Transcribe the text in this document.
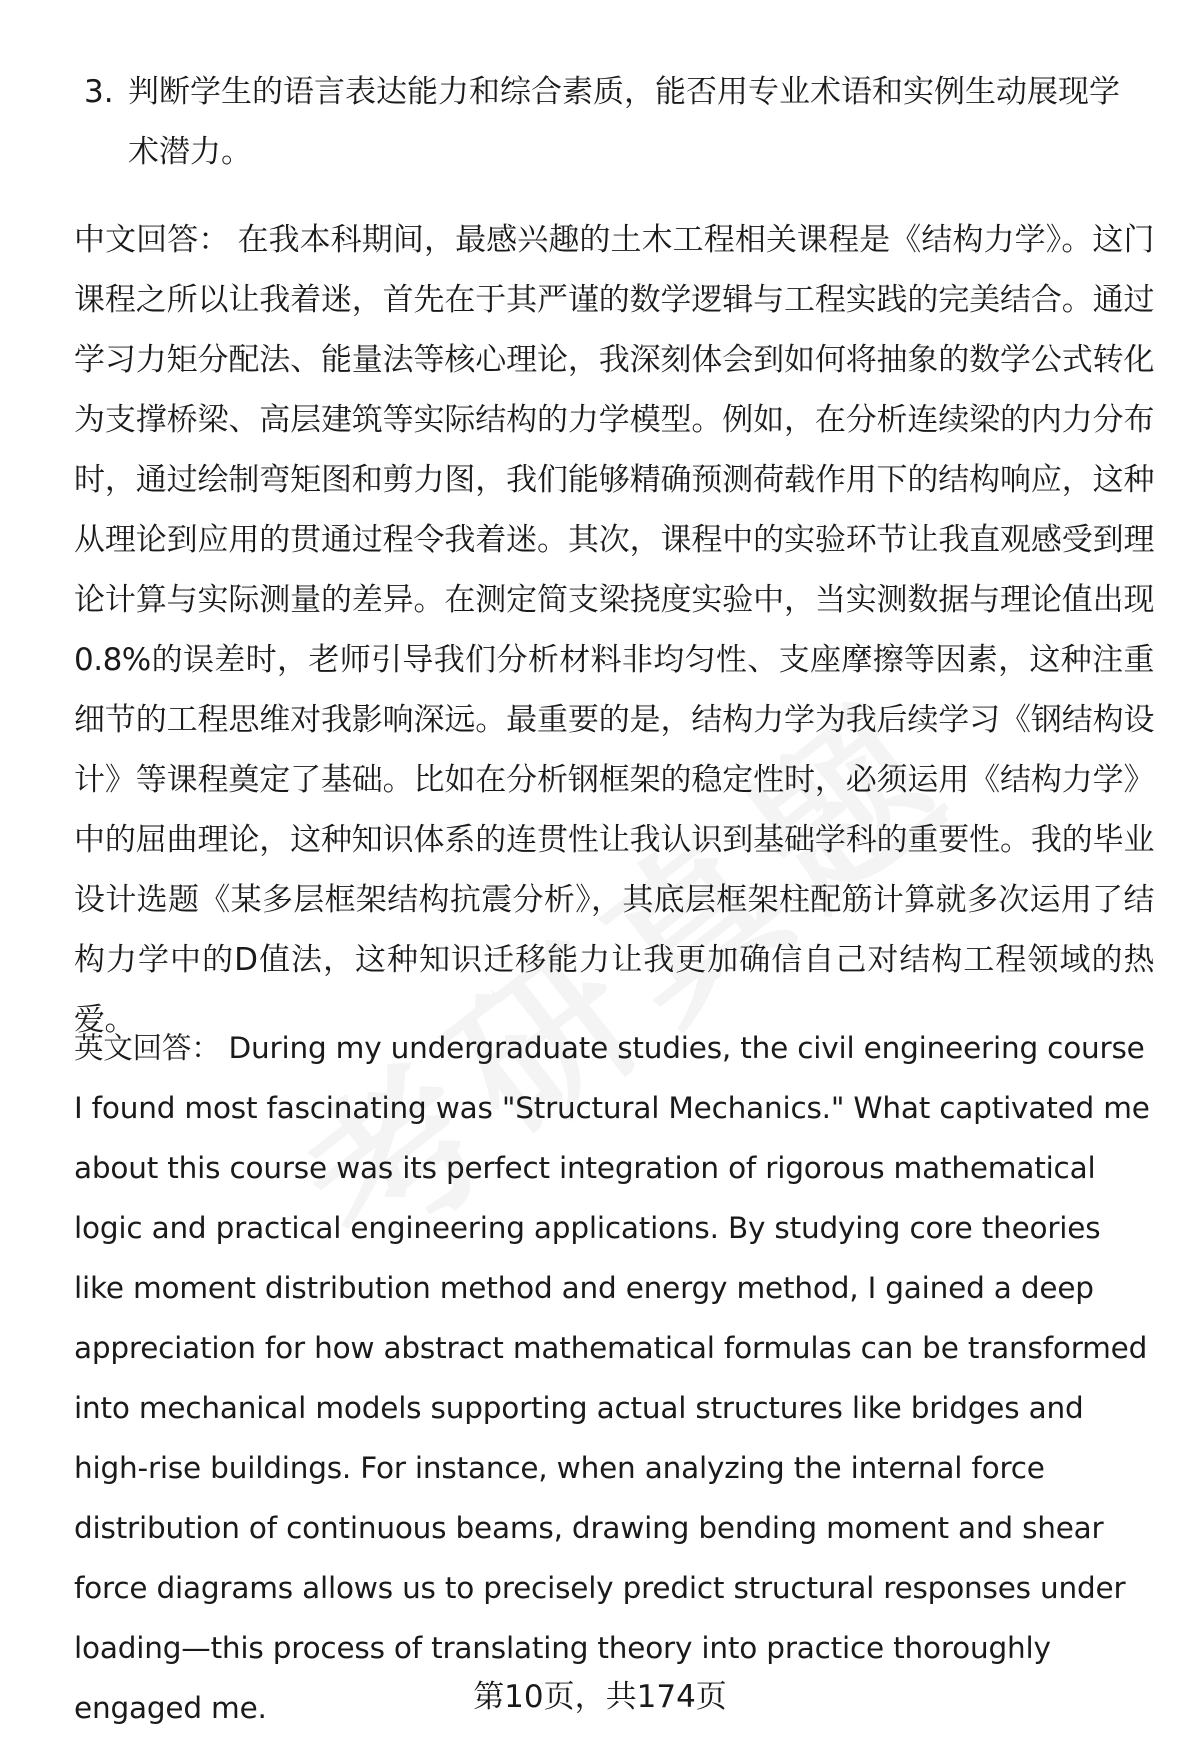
3. 判断学生的语言表达能力和综合素质，能否用专业术语和实例生动展现学术潜力。

中文回答： 在我本科期间，最感兴趣的土木工程相关课程是《结构力学》。这门课程之所以让我着迷，首先在于其严谨的数学逻辑与工程实践的完美结合。通过学习力矩分配法、能量法等核心理论，我深刻体会到如何将抽象的数学公式转化为支撑桥梁、高层建筑等实际结构的力学模型。例如，在分析连续梁的内力分布时，通过绘制弯矩图和剪力图，我们能够精确预测荷载作用下的结构响应，这种从理论到应用的贯通过程令我着迷。其次，课程中的实验环节让我直观感受到理论计算与实际测量的差异。在测定简支梁挠度实验中，当实测数据与理论值出现0.8%的误差时，老师引导我们分析材料非均匀性、支座摩擦等因素，这种注重细节的工程思维对我影响深远。最重要的是，结构力学为我后续学习《钢结构设计》等课程奠定了基础。比如在分析钢框架的稳定性时，必须运用《结构力学》中的屈曲理论，这种知识体系的连贯性让我认识到基础学科的重要性。我的毕业设计选题《某多层框架结构抗震分析》，其底层框架柱配筋计算就多次运用了结构力学中的D值法，这种知识迁移能力让我更加确信自己对结构工程领域的热爱。

英文回答： During my undergraduate studies, the civil engineering course I found most fascinating was "Structural Mechanics." What captivated me about this course was its perfect integration of rigorous mathematical logic and practical engineering applications. By studying core theories like moment distribution method and energy method, I gained a deep appreciation for how abstract mathematical formulas can be transformed into mechanical models supporting actual structures like bridges and high-rise buildings. For instance, when analyzing the internal force distribution of continuous beams, drawing bending moment and shear force diagrams allows us to precisely predict structural responses under loading—this process of translating theory into practice thoroughly engaged me.	第10页，共174页
